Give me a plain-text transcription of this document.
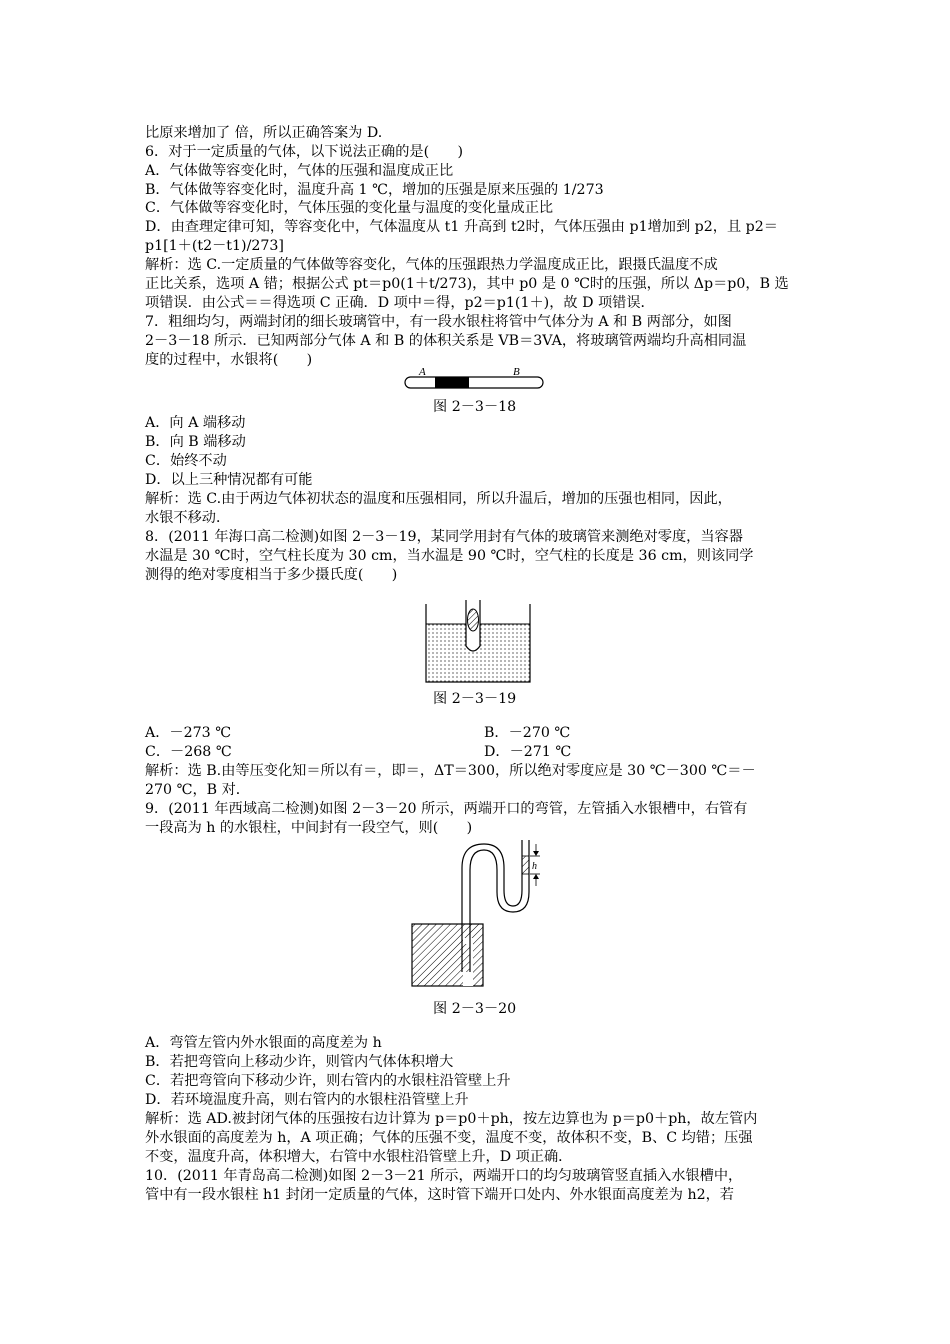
比原来增加了 倍，所以正确答案为 D.
6．对于一定质量的气体，以下说法正确的是(　　)
A．气体做等容变化时，气体的压强和温度成正比
B．气体做等容变化时，温度升高 1 ℃，增加的压强是原来压强的 1/273
C．气体做等容变化时，气体压强的变化量与温度的变化量成正比
D．由查理定律可知，等容变化中，气体温度从 t1 升高到 t2时，气体压强由 p1增加到 p2，且 p2＝
p1[1＋(t2－t1)/273]
解析：选 C.一定质量的气体做等容变化，气体的压强跟热力学温度成正比，跟摄氏温度不成
正比关系，选项 A 错；根据公式 pt＝p0(1＋t/273)，其中 p0 是 0 ℃时的压强，所以 Δp＝p0，B 选
项错误．由公式＝＝得选项 C 正确．D 项中＝得，p2＝p1(1＋)，故 D 项错误．
7．粗细均匀，两端封闭的细长玻璃管中，有一段水银柱将管中气体分为 A 和 B 两部分，如图
2－3－18 所示．已知两部分气体 A 和 B 的体积关系是 VB＝3VA，将玻璃管两端均升高相同温
度的过程中，水银将(　　)
A	B
图 2－3－18
A．向 A 端移动
B．向 B 端移动
C．始终不动
D．以上三种情况都有可能
解析：选 C.由于两边气体初状态的温度和压强相同，所以升温后，增加的压强也相同，因此，
水银不移动．
8．(2011 年海口高二检测)如图 2－3－19，某同学用封有气体的玻璃管来测绝对零度，当容器
水温是 30 ℃时，空气柱长度为 30 cm，当水温是 90 ℃时，空气柱的长度是 36 cm，则该同学
测得的绝对零度相当于多少摄氏度(　　)
图 2－3－19
A．－273 ℃	B．－270 ℃
C．－268 ℃	D．－271 ℃
解析：选 B.由等压变化知＝所以有＝，即＝，ΔT＝300，所以绝对零度应是 30 ℃－300 ℃＝－
270 ℃，B 对．
9．(2011 年西域高二检测)如图 2－3－20 所示，两端开口的弯管，左管插入水银槽中，右管有
一段高为 h 的水银柱，中间封有一段空气，则(　　)
h
图 2－3－20
A．弯管左管内外水银面的高度差为 h
B．若把弯管向上移动少许，则管内气体体积增大
C．若把弯管向下移动少许，则右管内的水银柱沿管壁上升
D．若环境温度升高，则右管内的水银柱沿管壁上升
解析：选 AD.被封闭气体的压强按右边计算为 p＝p0＋ph，按左边算也为 p＝p0＋ph，故左管内
外水银面的高度差为 h，A 项正确；气体的压强不变，温度不变，故体积不变，B、C 均错；压强
不变，温度升高，体积增大，右管中水银柱沿管壁上升，D 项正确．
10．(2011 年青岛高二检测)如图 2－3－21 所示，两端开口的均匀玻璃管竖直插入水银槽中，
管中有一段水银柱 h1 封闭一定质量的气体，这时管下端开口处内、外水银面高度差为 h2，若
